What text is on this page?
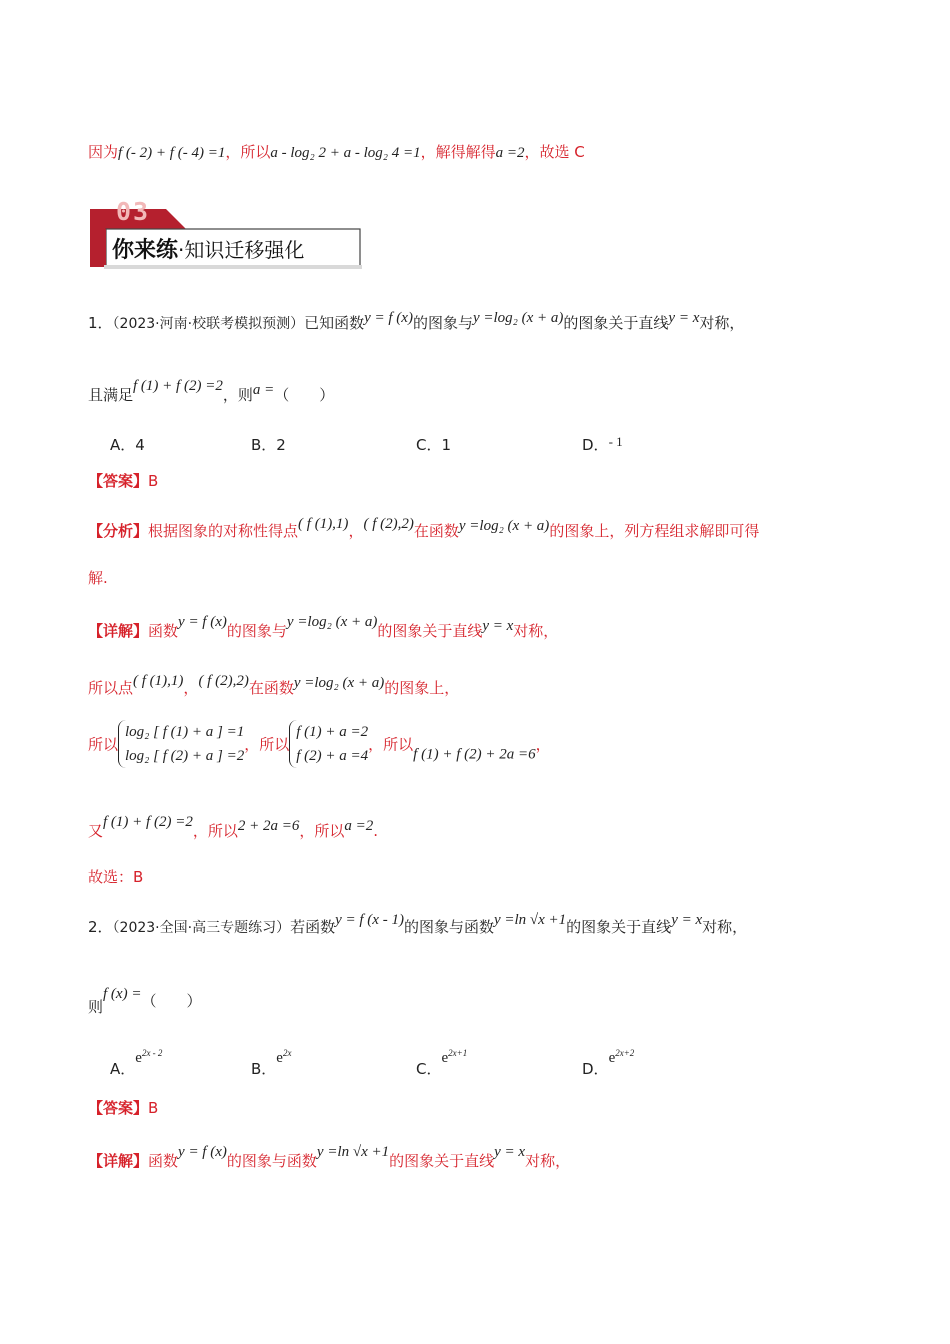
因为f (- 2) + f (- 4) =1，所以a - log₂ 2 + a - log₂ 4 =1，解得解得a =2，故选 C
03
你来练·知识迁移强化
1．（2023·河南·校联考模拟预测）已知函数y = f (x)的图象与y =log₂ (x + a)的图象关于直线y = x对称，
且满足f (1) + f (2) =2，则a =（　　）
A．4	B．2	C．1	D．- 1
【答案】B
【分析】根据图象的对称性得点( f (1),1)，( f (2),2)在函数y =log₂ (x + a)的图象上，列方程组求解即可得
解.
【详解】函数y = f (x)的图象与y =log₂ (x + a)的图象关于直线y = x对称，
所以点( f (1),1)，( f (2),2)在函数y =log₂ (x + a)的图象上，
所以
log₂ [ f (1) + a ] =1
log₂ [ f (2) + a ] =2
，所以
f (1) + a =2
f (2) + a =4
，所以f (1) + f (2) + 2a =6，
又f (1) + f (2) =2，所以2 + 2a =6，所以a =2.
故选：B
2．（2023·全国·高三专题练习）若函数y = f (x - 1)的图象与函数y =ln √x +1的图象关于直线y = x对称，
则f (x) =（　　）
A．$e^{2x - 2}$
B．$e^{2x}$
C．$e^{2x+1}$
D．$e^{2x+2}$
【答案】B
【详解】函数y = f (x)的图象与函数y =ln √x +1的图象关于直线y = x对称，
